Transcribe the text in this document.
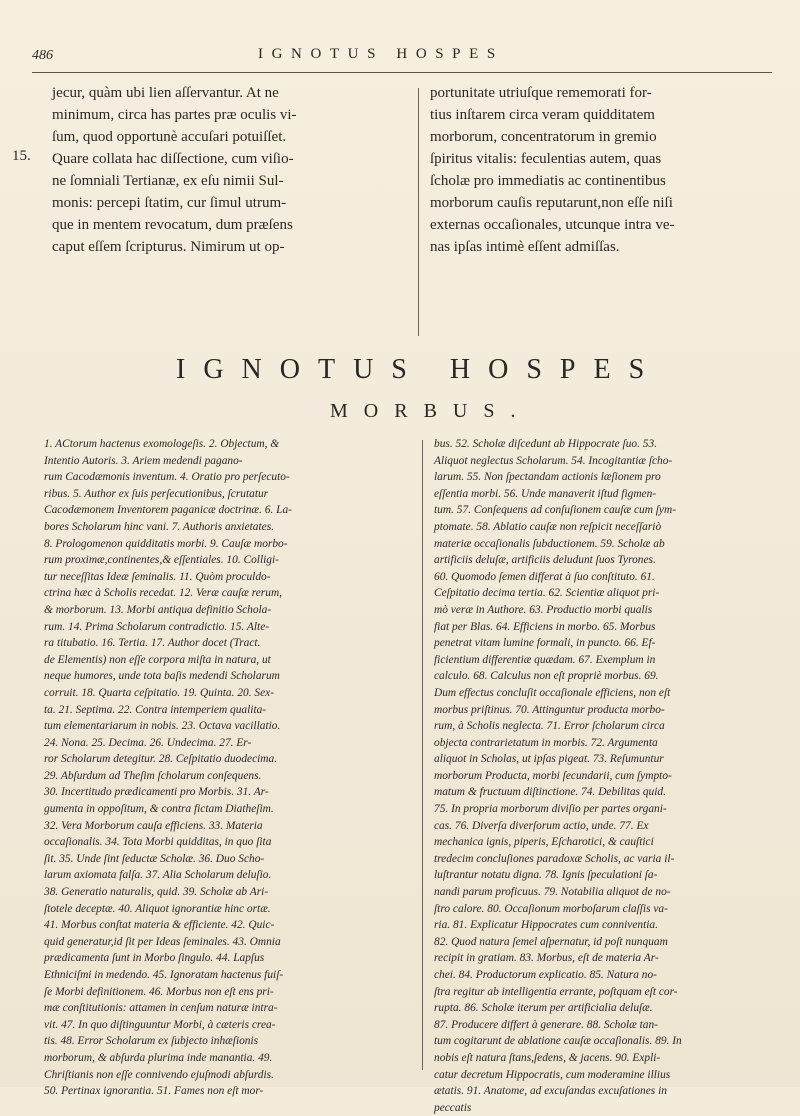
486	IGNOTUS HOSPES
15.
jecur, quàm ubi lien aſſervantur. At ne
minimum, circa has partes præ oculis vi-
ſum, quod opportunè accuſari potuiſſet.
Quare collata hac diſſectione, cum viſio-
ne ſomniali Tertianæ, ex eſu nimii Sul-
monis: percepi ſtatim, cur ſimul utrum-
que in mentem revocatum, dum præſens
caput eſſem ſcripturus. Nimirum ut op-
portunitate utriuſque rememorati for-
tius inſtarem circa veram quidditatem
morborum, concentratorum in gremio
ſpiritus vitalis: feculentias autem, quas
ſcholæ pro immediatis ac continentibus
morborum cauſis reputarunt,non eſſe niſi
externas occaſionales, utcunque intra ve-
nas ipſas intimè eſſent admiſſas.
IGNOTUS HOSPES
MORBUS.
1. ACtorum hactenus exomologeſis. 2. Objectum, &
Intentio Autoris. 3. Ariem medendi pagano-
rum Cacodæmonis inventum. 4. Oratio pro perſecuto-
ribus. 5. Author ex ſuis perſecutionibus, ſcrutatur
Cacodæmonem Inventorem paganicæ doctrinæ. 6. La-
bores Scholarum hinc vani. 7. Authoris anxietates.
8. Prologomenon quidditatis morbi. 9. Cauſæ morbo-
rum proximæ,continentes,& eſſentiales. 10. Colligi-
tur neceſſitas Ideæ ſeminalis. 11. Quòm proculdo-
ctrina hæc à Scholis recedat. 12. Veræ cauſæ rerum,
& morborum. 13. Morbi antiqua definitio Schola-
rum. 14. Prima Scholarum contradictio. 15. Alte-
ra titubatio. 16. Tertia. 17. Author docet (Tract.
de Elementis) non eſſe corpora miſta in natura, ut
neque humores, unde tota baſis medendi Scholarum
corruit. 18. Quarta ceſpitatio. 19. Quinta. 20. Sex-
ta. 21. Septima. 22. Contra intemperiem qualita-
tum elementariarum in nobis. 23. Octava vacillatio.
24. Nona. 25. Decima. 26. Undecima. 27. Er-
ror Scholarum detegitur. 28. Ceſpitatio duodecima.
29. Abſurdum ad Theſim ſcholarum conſequens.
30. Incertitudo prædicamenti pro Morbis. 31. Ar-
gumenta in oppoſitum, & contra fictam Diatheſim.
32. Vera Morborum cauſa efficiens. 33. Materia
occaſionalis. 34. Tota Morbi quidditas, in quo ſita
ſit. 35. Unde ſint ſeductæ Scholæ. 36. Duo Scho-
larum axiomata falſa. 37. Alia Scholarum deluſio.
38. Generatio naturalis, quid. 39. Scholæ ab Ari-
ſtotele deceptæ. 40. Aliquot ignorantiæ hinc ortæ.
41. Morbus conſtat materia & efficiente. 42. Quic-
quid generatur,id ſit per Ideas ſeminales. 43. Omnia
prædicamenta ſunt in Morbo ſingulo. 44. Lapſus
Ethniciſmi in medendo. 45. Ignoratam hactenus fuiſ-
ſe Morbi definitionem. 46. Morbus non eſt ens pri-
mæ conſtitutionis: attamen in cenſum naturæ intra-
vit. 47. In quo diſtinguuntur Morbi, à cæteris crea-
tis. 48. Error Scholarum ex ſubjecto inhæſionis
morborum, & abſurda plurima inde manantia. 49.
Chriſtianis non eſſe connivendo ejuſmodi abſurdis.
50. Pertinax ignorantia. 51. Fames non eſt mor-
bus. 52. Scholæ diſcedunt ab Hippocrate ſuo. 53.
Aliquot neglectus Scholarum. 54. Incogitantiæ ſcho-
larum. 55. Non ſpectandam actionis læſionem pro
eſſentia morbi. 56. Unde manaverit iſtud figmen-
tum. 57. Conſequens ad conſuſionem cauſæ cum ſym-
ptomate. 58. Ablatio cauſæ non reſpicit neceſſariò
materiæ occaſionalis ſubductionem. 59. Scholæ ab
artificiis deluſæ, artificiis deludunt ſuos Tyrones.
60. Quomodo ſemen differat à ſuo conſtituto. 61.
Ceſpitatio decima tertia. 62. Scientiæ aliquot pri-
mò veræ in Authore. 63. Productio morbi qualis
fiat per Blas. 64. Efficiens in morbo. 65. Morbus
penetrat vitam lumine formali, in puncto. 66. Ef-
ficientium differentiæ quædam. 67. Exemplum in
calculo. 68. Calculus non eſt propriè morbus. 69.
Dum effectus concluſit occaſionale efficiens, non eſt
morbus priſtinus. 70. Attinguntur producta morbo-
rum, à Scholis neglecta. 71. Error ſcholarum circa
objecta contrarietatum in morbis. 72. Argumenta
aliquot in Scholas, ut ipſas pigeat. 73. Reſumuntur
morborum Producta, morbi ſecundarii, cum ſympto-
matum & fructuum diſtinctione. 74. Debilitas quid.
75. In propria morborum diviſio per partes organi-
cas. 76. Diverſa diverſorum actio, unde. 77. Ex
mechanica ignis, piperis, Eſcharotici, & cauſtici
tredecim concluſiones paradoxæ Scholis, ac varia il-
luſtrantur notatu digna. 78. Ignis ſpeculationi ſa-
nandi parum proficuus. 79. Notabilia aliquot de no-
ſtro calore. 80. Occaſionum morboſarum claſſis va-
ria. 81. Explicatur Hippocrates cum conniventia.
82. Quod natura ſemel aſpernatur, id poſt nunquam
recipit in gratiam. 83. Morbus, eſt de materia Ar-
chei. 84. Productorum explicatio. 85. Natura no-
ſtra regitur ab intelligentia errante, poſtquam eſt cor-
rupta. 86. Scholæ iterum per artificialia deluſæ.
87. Producere differt à generare. 88. Scholæ tan-
tum cogitarunt de ablatione cauſæ occaſionalis. 89. In
nobis eſt natura ſtans,ſedens, & jacens. 90. Expli-
catur decretum Hippocratis, cum moderamine illius
ætatis. 91. Anatome, ad excuſandas excuſationes in
peccatis
